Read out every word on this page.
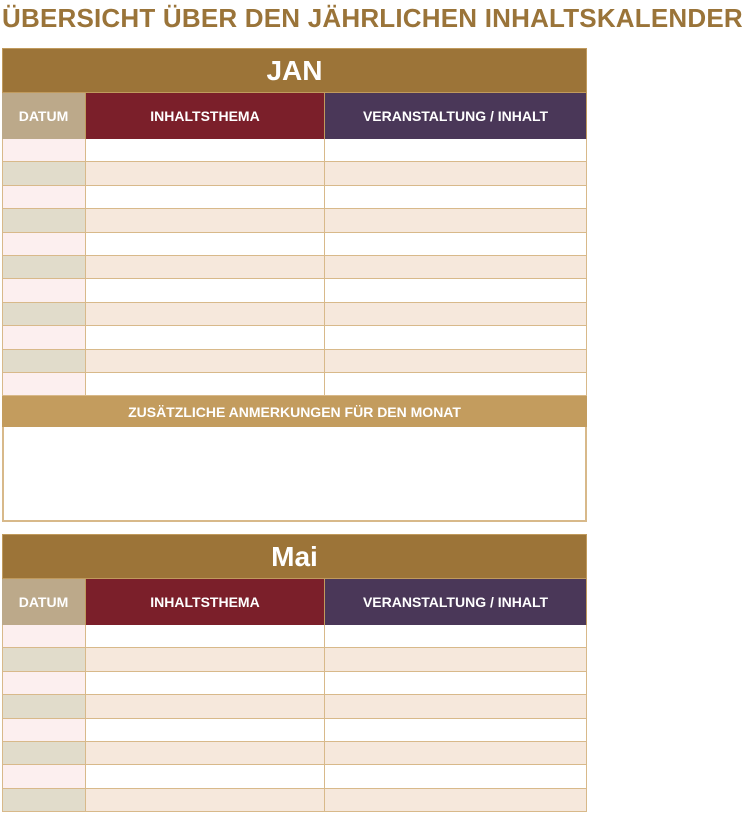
ÜBERSICHT ÜBER DEN JÄHRLICHEN INHALTSKALENDER
JAN
DATUM	INHALTSTHEMA	VERANSTALTUNG / INHALT
ZUSÄTZLICHE ANMERKUNGEN FÜR DEN MONAT
Mai
DATUM	INHALTSTHEMA	VERANSTALTUNG / INHALT
